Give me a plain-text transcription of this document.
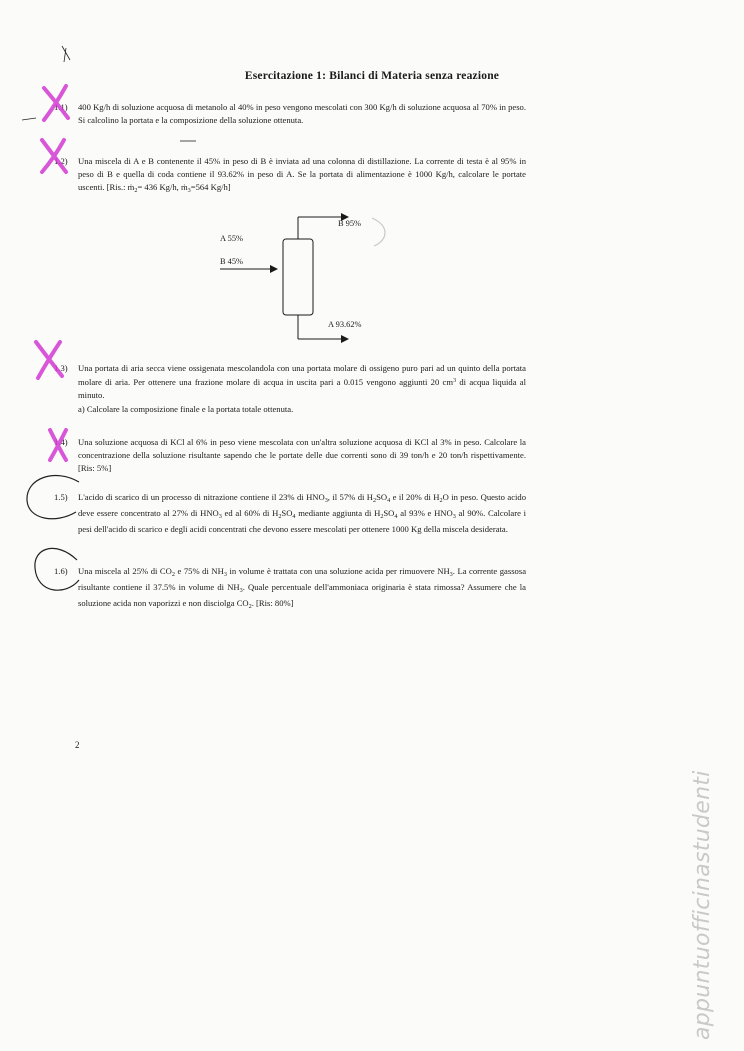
Esercitazione 1: Bilanci di Materia senza reazione
1.1) 400 Kg/h di soluzione acquosa di metanolo al 40% in peso vengono mescolati con 300 Kg/h di soluzione acquosa al 70% in peso. Si calcolino la portata e la composizione della soluzione ottenuta.

1.2) Una miscela di A e B contenente il 45% in peso di B è inviata ad una colonna di distillazione. La corrente di testa è al 95% in peso di B e quella di coda contiene il 93.62% in peso di A. Se la portata di alimentazione è 1000 Kg/h, calcolare le portate uscenti. [Ris.: ṁ$_2$= 436 Kg/h, ṁ$_3$=564 Kg/h]

A 55%
B 45%
B 95%
A 93.62%
1.3) Una portata di aria secca viene ossigenata mescolandola con una portata molare di ossigeno puro pari ad un quinto della portata molare di aria. Per ottenere una frazione molare di acqua in uscita pari a 0.015 vengono aggiunti 20 $cm^3$ di acqua liquida al minuto.
a) Calcolare la composizione finale e la portata totale ottenuta.

1.4) Una soluzione acquosa di KCl al 6% in peso viene mescolata con un'altra soluzione acquosa di KCl al 3% in peso. Calcolare la concentrazione della soluzione risultante sapendo che le portate delle due correnti sono di 39 ton/h e 20 ton/h rispettivamente. [Ris: 5%]

1.5) L'acido di scarico di un processo di nitrazione contiene il 23% di $HNO_3$, il 57% di $H_2SO_4$ e il 20% di $H_2O$ in peso. Questo acido deve essere concentrato al 27% di $HNO_3$ ed al 60% di $H_2SO_4$ mediante aggiunta di $H_2SO_4$ al 93% e $HNO_3$ al 90%. Calcolare i pesi dell'acido di scarico e degli acidi concentrati che devono essere mescolati per ottenere 1000 Kg della miscela desiderata.

1.6) Una miscela al 25% di $CO_2$ e 75% di $NH_3$ in volume è trattata con una soluzione acida per rimuovere $NH_3$. La corrente gassosa risultante contiene il 37.5% in volume di $NH_3$. Quale percentuale dell'ammoniaca originaria è stata rimossa? Assumere che la soluzione acida non vaporizzi e non disciolga $CO_2$. [Ris: 80%]

2
appuntuofficinastudenti
